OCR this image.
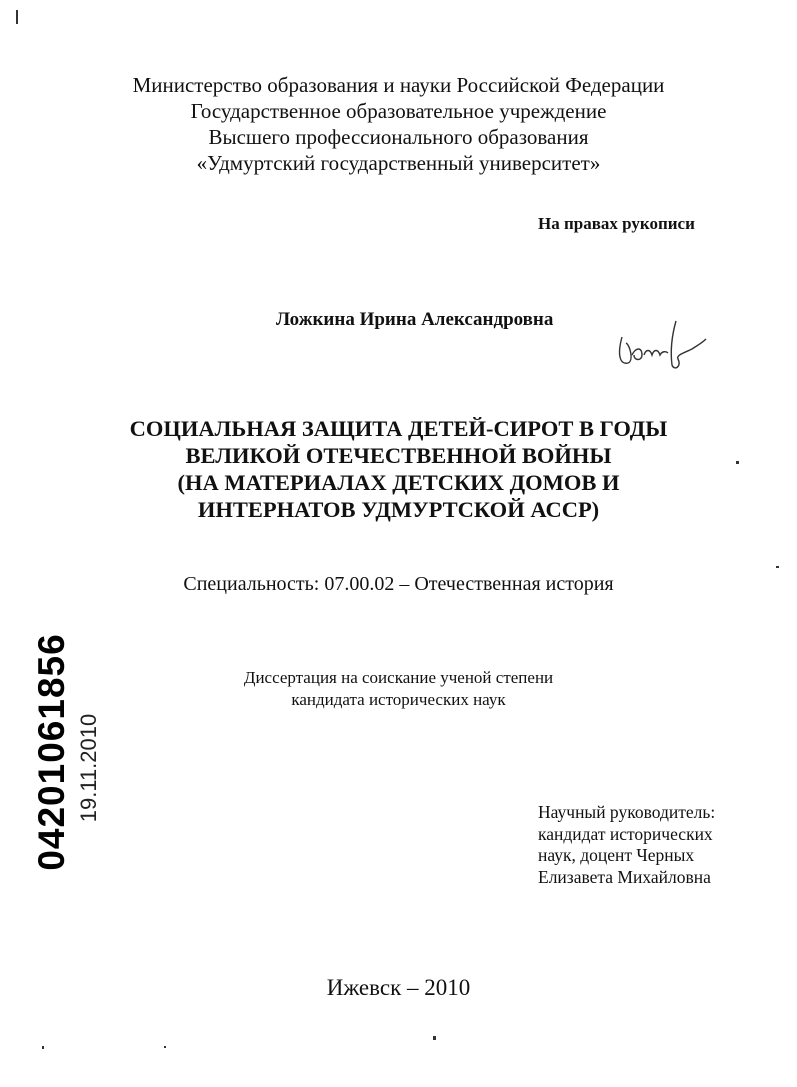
Министерство образования и науки Российской Федерации
Государственное образовательное учреждение
Высшего профессионального образования
«Удмуртский государственный университет»
На правах рукописи
Ложкина Ирина Александровна
СОЦИАЛЬНАЯ ЗАЩИТА ДЕТЕЙ-СИРОТ В ГОДЫ
ВЕЛИКОЙ ОТЕЧЕСТВЕННОЙ ВОЙНЫ
(НА МАТЕРИАЛАХ ДЕТСКИХ ДОМОВ И
ИНТЕРНАТОВ УДМУРТСКОЙ АССР)
Специальность: 07.00.02 – Отечественная история
Диссертация на соискание ученой степени
кандидата исторических наук
Научный руководитель:
кандидат исторических
наук, доцент Черных
Елизавета Михайловна
Ижевск – 2010
04201061856 19.11.2010
